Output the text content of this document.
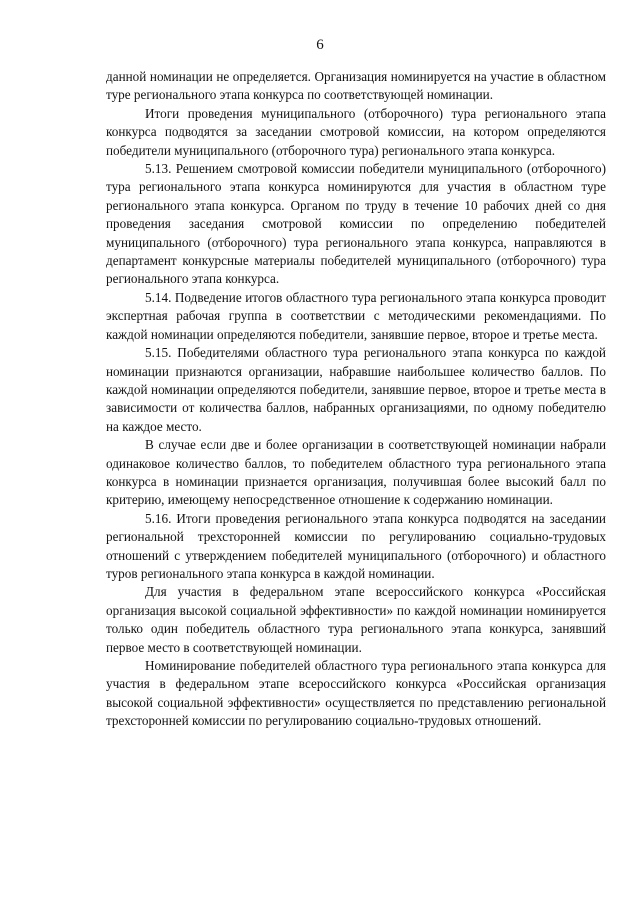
6

данной номинации не определяется. Организация номинируется на участие в областном туре регионального этапа конкурса по соответствующей номинации.

Итоги проведения муниципального (отборочного) тура регионального этапа конкурса подводятся за заседании смотровой комиссии, на котором определяются победители муниципального (отборочного тура) регионального этапа конкурса.

5.13. Решением смотровой комиссии победители муниципального (отборочного) тура регионального этапа конкурса номинируются для участия в областном туре регионального этапа конкурса. Органом по труду в течение 10 рабочих дней со дня проведения заседания смотровой комиссии по определению победителей муниципального (отборочного) тура регионального этапа конкурса, направляются в департамент конкурсные материалы победителей муниципального (отборочного) тура регионального этапа конкурса.

5.14. Подведение итогов областного тура регионального этапа конкурса проводит экспертная рабочая группа в соответствии с методическими рекомендациями. По каждой номинации определяются победители, занявшие первое, второе и третье места.

5.15. Победителями областного тура регионального этапа конкурса по каждой номинации признаются организации, набравшие наибольшее количество баллов. По каждой номинации определяются победители, занявшие первое, второе и третье места в зависимости от количества баллов, набранных организациями, по одному победителю на каждое место.

В случае если две и более организации в соответствующей номинации набрали одинаковое количество баллов, то победителем областного тура регионального этапа конкурса в номинации признается организация, получившая более высокий балл по критерию, имеющему непосредственное отношение к содержанию номинации.

5.16. Итоги проведения регионального этапа конкурса подводятся на заседании региональной трехсторонней комиссии по регулированию социально-трудовых отношений с утверждением победителей муниципального (отборочного) и областного туров регионального этапа конкурса в каждой номинации.

Для участия в федеральном этапе всероссийского конкурса «Российская организация высокой социальной эффективности» по каждой номинации номинируется только один победитель областного тура регионального этапа конкурса, занявший первое место в соответствующей номинации.

Номинирование победителей областного тура регионального этапа конкурса для участия в федеральном этапе всероссийского конкурса «Российская организация высокой социальной эффективности» осуществляется по представлению региональной трехсторонней комиссии по регулированию социально-трудовых отношений.
